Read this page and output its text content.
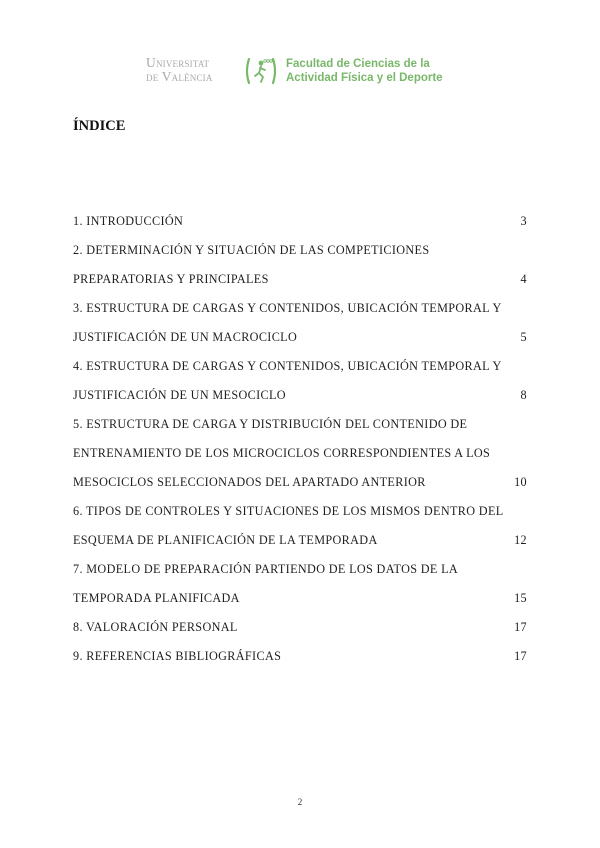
Universitat
de València
Facultad de Ciencias de la
Actividad Física y el Deporte
ÍNDICE
1. INTRODUCCIÓN	3
2. DETERMINACIÓN Y SITUACIÓN DE LAS COMPETICIONES
PREPARATORIAS Y PRINCIPALES	4
3. ESTRUCTURA DE CARGAS Y CONTENIDOS, UBICACIÓN TEMPORAL Y
JUSTIFICACIÓN DE UN MACROCICLO	5
4. ESTRUCTURA DE CARGAS Y CONTENIDOS, UBICACIÓN TEMPORAL Y
JUSTIFICACIÓN DE UN MESOCICLO	8
5. ESTRUCTURA DE CARGA Y DISTRIBUCIÓN DEL CONTENIDO DE
ENTRENAMIENTO DE LOS MICROCICLOS CORRESPONDIENTES A LOS
MESOCICLOS SELECCIONADOS DEL APARTADO ANTERIOR	10
6. TIPOS DE CONTROLES Y SITUACIONES DE LOS MISMOS DENTRO DEL
ESQUEMA DE PLANIFICACIÓN DE LA TEMPORADA	12
7. MODELO DE PREPARACIÓN PARTIENDO DE LOS DATOS DE LA
TEMPORADA PLANIFICADA	15
8. VALORACIÓN PERSONAL	17
9. REFERENCIAS BIBLIOGRÁFICAS	17
2
